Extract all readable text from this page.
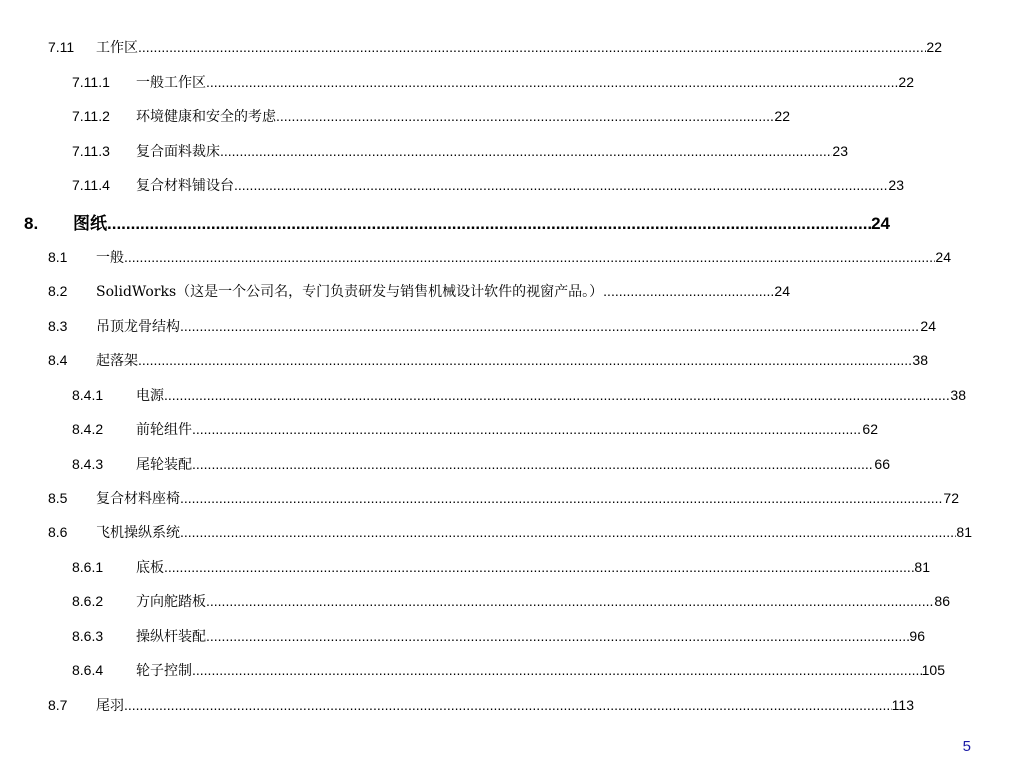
7.11	工作区 .....	22
7.11.1	一般工作区 .....	22
7.11.2	环境健康和安全的考虑 .....	22
7.11.3	复合面料裁床 .....	23
7.11.4	复合材料铺设台 .....	23
8.	图纸 .....	24
8.1	一般 .....	24
8.2	SolidWorks（这是一个公司名，专门负责研发与销售机械设计软件的视窗产品。） .....	24
8.3	吊顶龙骨结构 .....	24
8.4	起落架 .....	38
8.4.1	电源 .....	38
8.4.2	前轮组件 .....	62
8.4.3	尾轮装配 .....	66
8.5	复合材料座椅 .....	72
8.6	飞机操纵系统 .....	81
8.6.1	底板 .....	81
8.6.2	方向舵踏板 .....	86
8.6.3	操纵杆装配 .....	96
8.6.4	轮子控制 .....	105
8.7	尾羽 .....	113
5
